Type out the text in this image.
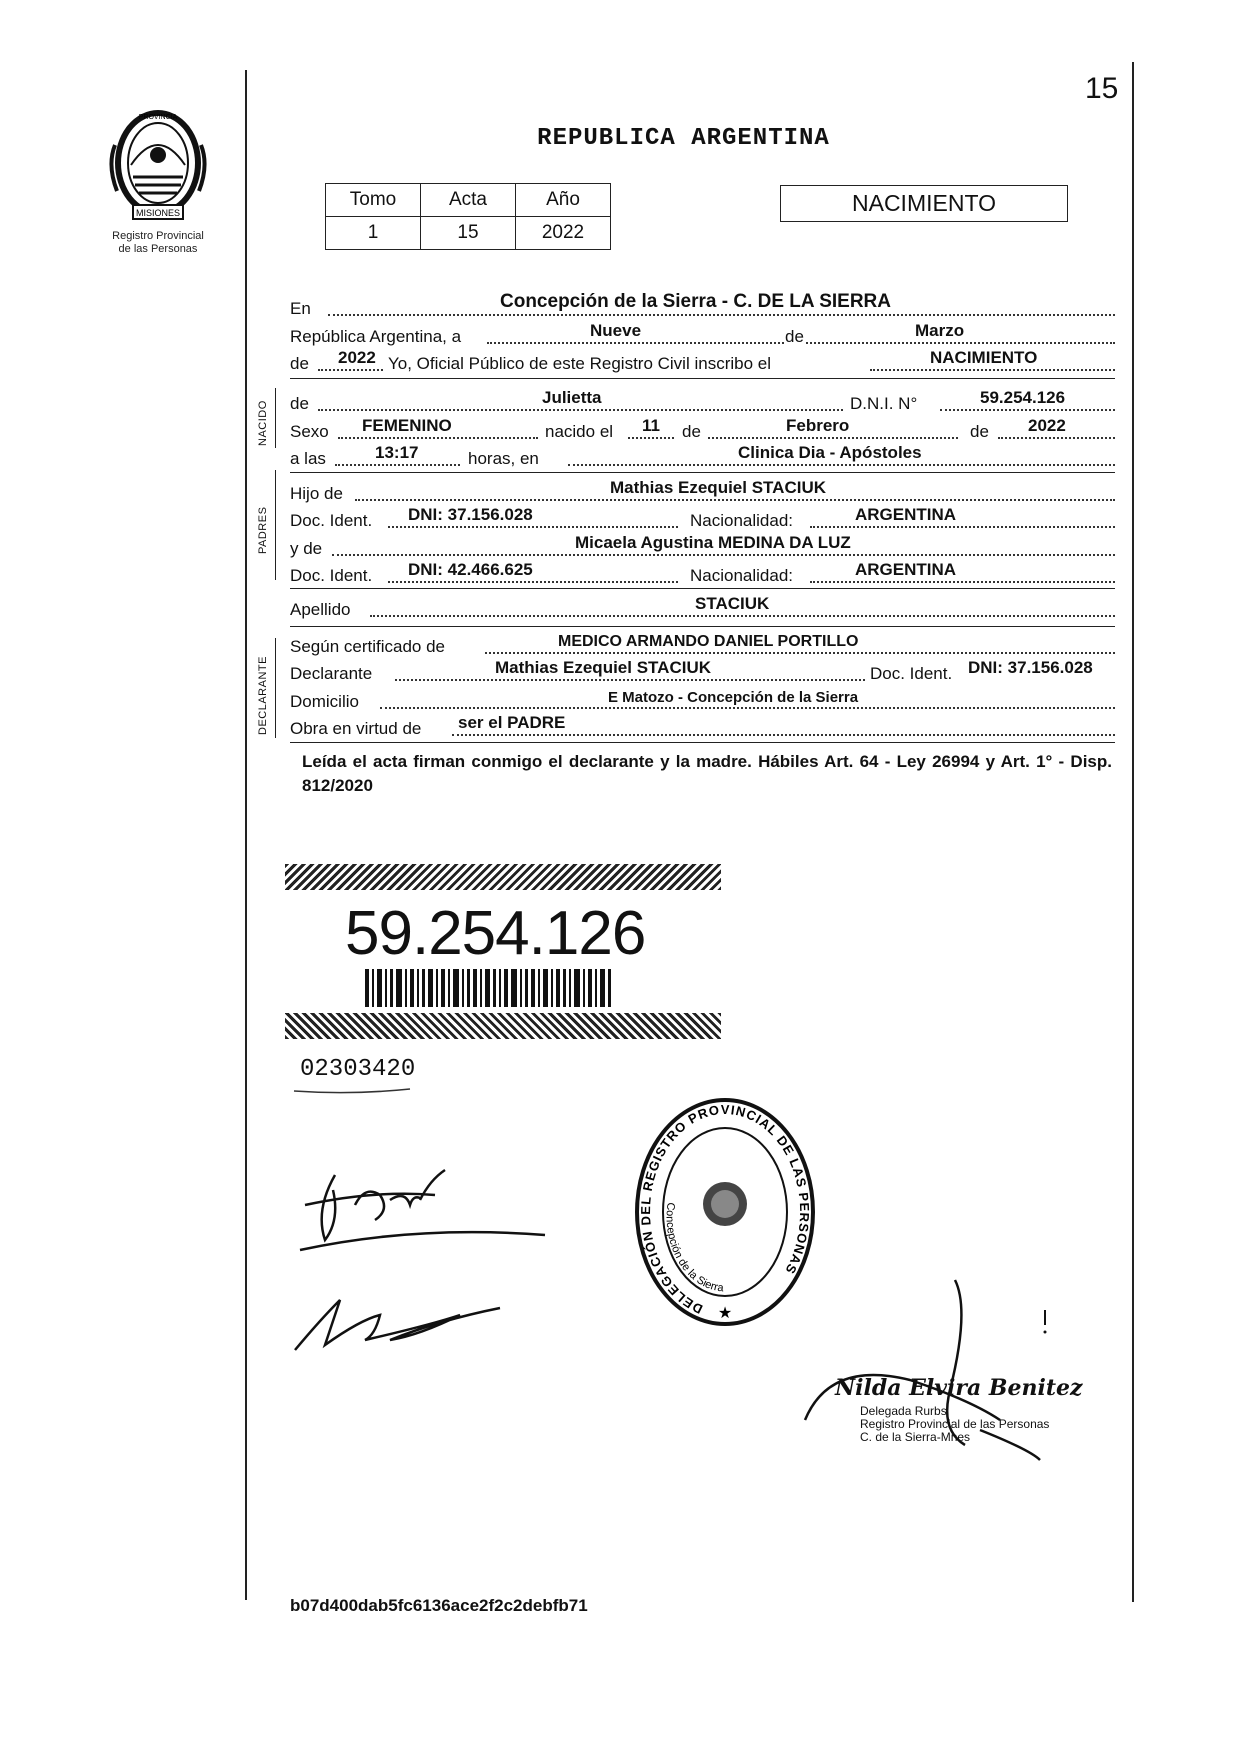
15
REPUBLICA ARGENTINA
MISIONES
PROVINCIA
Registro Provincial
de las Personas
Tomo	Acta	Año
1	15	2022
NACIMIENTO
NACIDO
PADRES
DECLARANTE
En	Concepción de la Sierra - C. DE LA SIERRA
República Argentina, a	Nueve	de	Marzo
de 2022 Yo, Oficial Público de este Registro Civil inscribo el	NACIMIENTO
de	Julietta	D.N.I. N°	59.254.126
Sexo FEMENINO	nacido el 11 de	Febrero	de 2022
a las	13:17	horas, en	Clinica Dia - Apóstoles
Hijo de	Mathias Ezequiel STACIUK
Doc. Ident. DNI: 37.156.028	Nacionalidad:	ARGENTINA
y de	Micaela Agustina MEDINA DA LUZ
Doc. Ident. DNI: 42.466.625	Nacionalidad:	ARGENTINA
Apellido	STACIUK
Según certificado de	MEDICO ARMANDO DANIEL PORTILLO
Declarante	Mathias Ezequiel STACIUK	Doc. Ident. DNI: 37.156.028
Domicilio	E Matozo - Concepción de la Sierra
Obra en virtud de ser el PADRE
Leída el acta firman conmigo el declarante y la madre. Hábiles Art. 64 - Ley 26994 y Art. 1° - Disp. 812/2020
59.254.126
02303420
DELEGACIÓN DEL REGISTRO PROVINCIAL DE LAS PERSONAS
Concepción de la Sierra
★
Nilda Elvira Benitez
Delegada Rurbs
Registro Provincial de las Personas
C. de la Sierra-Mnes
b07d400dab5fc6136ace2f2c2debfb71
